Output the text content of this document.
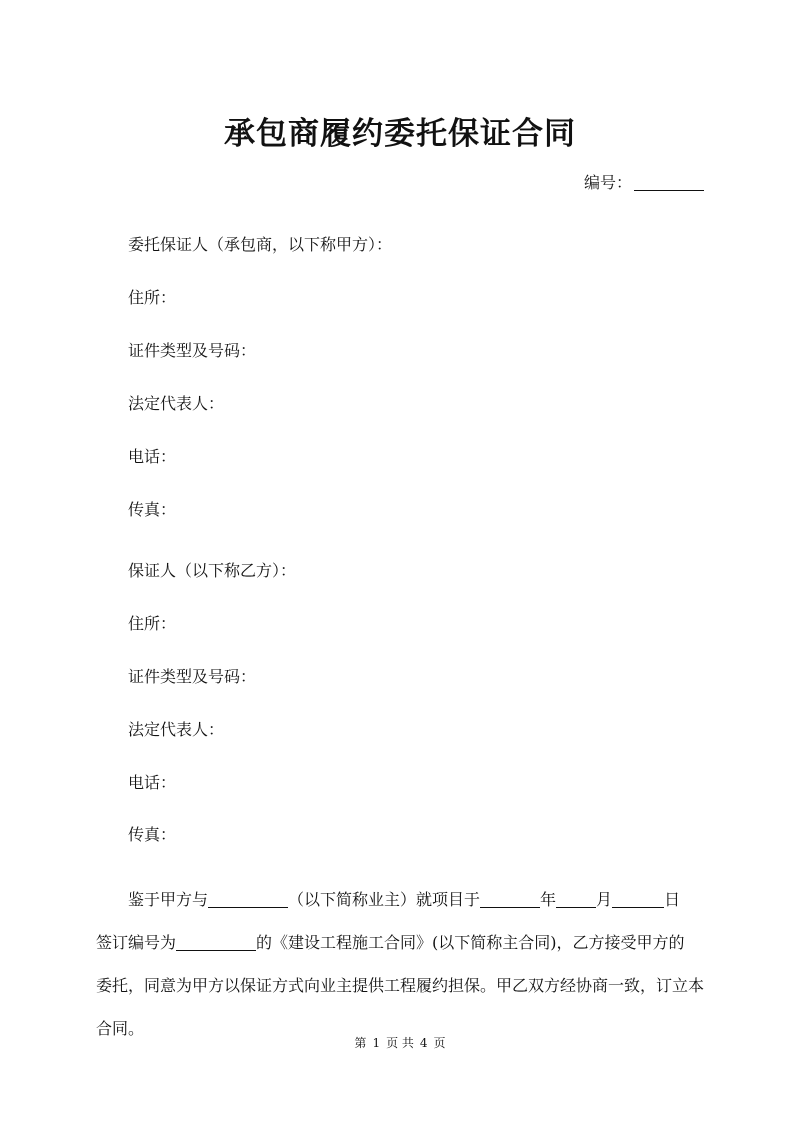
承包商履约委托保证合同
编号：
委托保证人（承包商，以下称甲方）：
住所：
证件类型及号码：
法定代表人：
电话：
传真：
保证人（以下称乙方）：
住所：
证件类型及号码：
法定代表人：
电话：
传真：
鉴于甲方与	（以下简称业主）就项目于	年	月	日
签订编号为	的《建设工程施工合同》(以下简称主合同)，乙方接受甲方的
委托，同意为甲方以保证方式向业主提供工程履约担保。甲乙双方经协商一致，订立本
合同。
第 1 页 共 4 页
